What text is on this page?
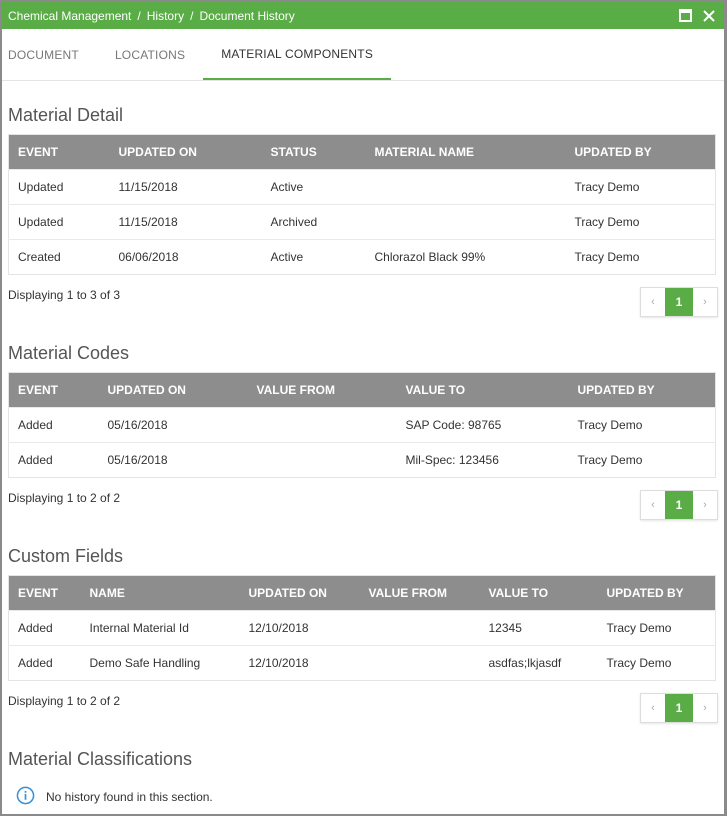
Chemical Management / History / Document History
DOCUMENT	LOCATIONS	MATERIAL COMPONENTS
Material Detail
EVENT	UPDATED ON	STATUS	MATERIAL NAME	UPDATED BY
Updated	11/15/2018	Active		Tracy Demo
Updated	11/15/2018	Archived		Tracy Demo
Created	06/06/2018	Active	Chlorazol Black 99%	Tracy Demo
Displaying 1 to 3 of 3	‹	1	›
Material Codes
EVENT	UPDATED ON	VALUE FROM	VALUE TO	UPDATED BY
Added	05/16/2018		SAP Code: 98765	Tracy Demo
Added	05/16/2018		Mil-Spec: 123456	Tracy Demo
Displaying 1 to 2 of 2	‹	1	›
Custom Fields
EVENT	NAME	UPDATED ON	VALUE FROM	VALUE TO	UPDATED BY
Added	Internal Material Id	12/10/2018		12345	Tracy Demo
Added	Demo Safe Handling	12/10/2018		asdfas;lkjasdf	Tracy Demo
Displaying 1 to 2 of 2	‹	1	›
Material Classifications
No history found in this section.
